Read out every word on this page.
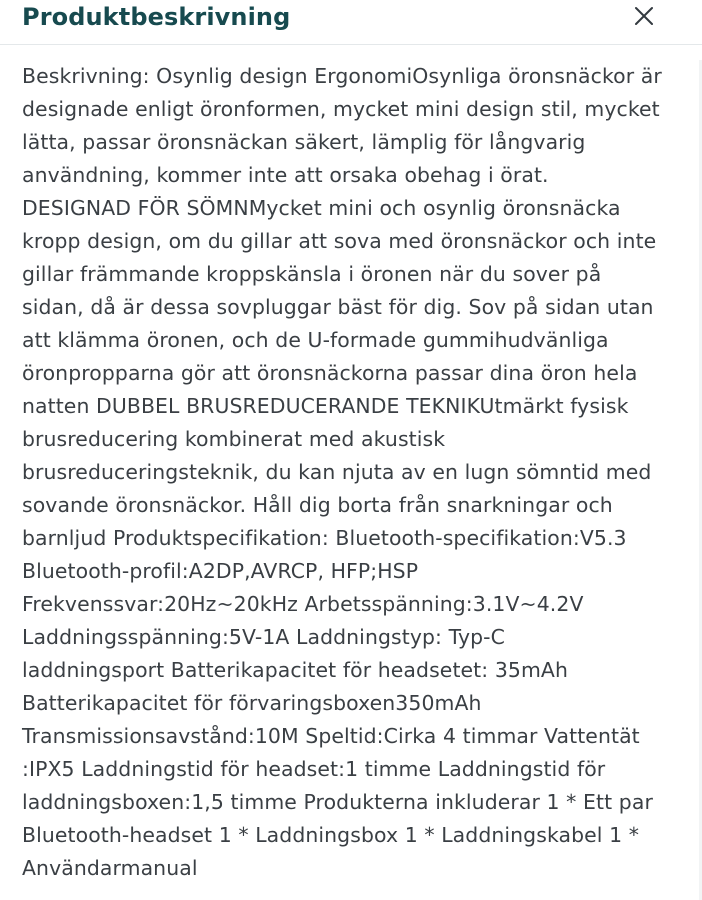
Produktbeskrivning

Beskrivning: Osynlig design ErgonomiOsynliga öronsnäckor är
designade enligt öronformen, mycket mini design stil, mycket
lätta, passar öronsnäckan säkert, lämplig för långvarig
användning, kommer inte att orsaka obehag i örat.
DESIGNAD FÖR SÖMNMycket mini och osynlig öronsnäcka
kropp design, om du gillar att sova med öronsnäckor och inte
gillar främmande kroppskänsla i öronen när du sover på
sidan, då är dessa sovpluggar bäst för dig. Sov på sidan utan
att klämma öronen, och de U-formade gummihudvänliga
öronpropparna gör att öronsnäckorna passar dina öron hela
natten DUBBEL BRUSREDUCERANDE TEKNIKUtmärkt fysisk
brusreducering kombinerat med akustisk
brusreduceringsteknik, du kan njuta av en lugn sömntid med
sovande öronsnäckor. Håll dig borta från snarkningar och
barnljud Produktspecifikation: Bluetooth-specifikation:V5.3
Bluetooth-profil:A2DP,AVRCP, HFP;HSP
Frekvenssvar:20Hz~20kHz Arbetsspänning:3.1V~4.2V
Laddningsspänning:5V-1A Laddningstyp: Typ-C
laddningsport Batterikapacitet för headsetet: 35mAh
Batterikapacitet för förvaringsboxen350mAh
Transmissionsavstånd:10M Speltid:Cirka 4 timmar Vattentät
:IPX5 Laddningstid för headset:1 timme Laddningstid för
laddningsboxen:1,5 timme Produkterna inkluderar 1 * Ett par
Bluetooth-headset 1 * Laddningsbox 1 * Laddningskabel 1 *
Användarmanual
